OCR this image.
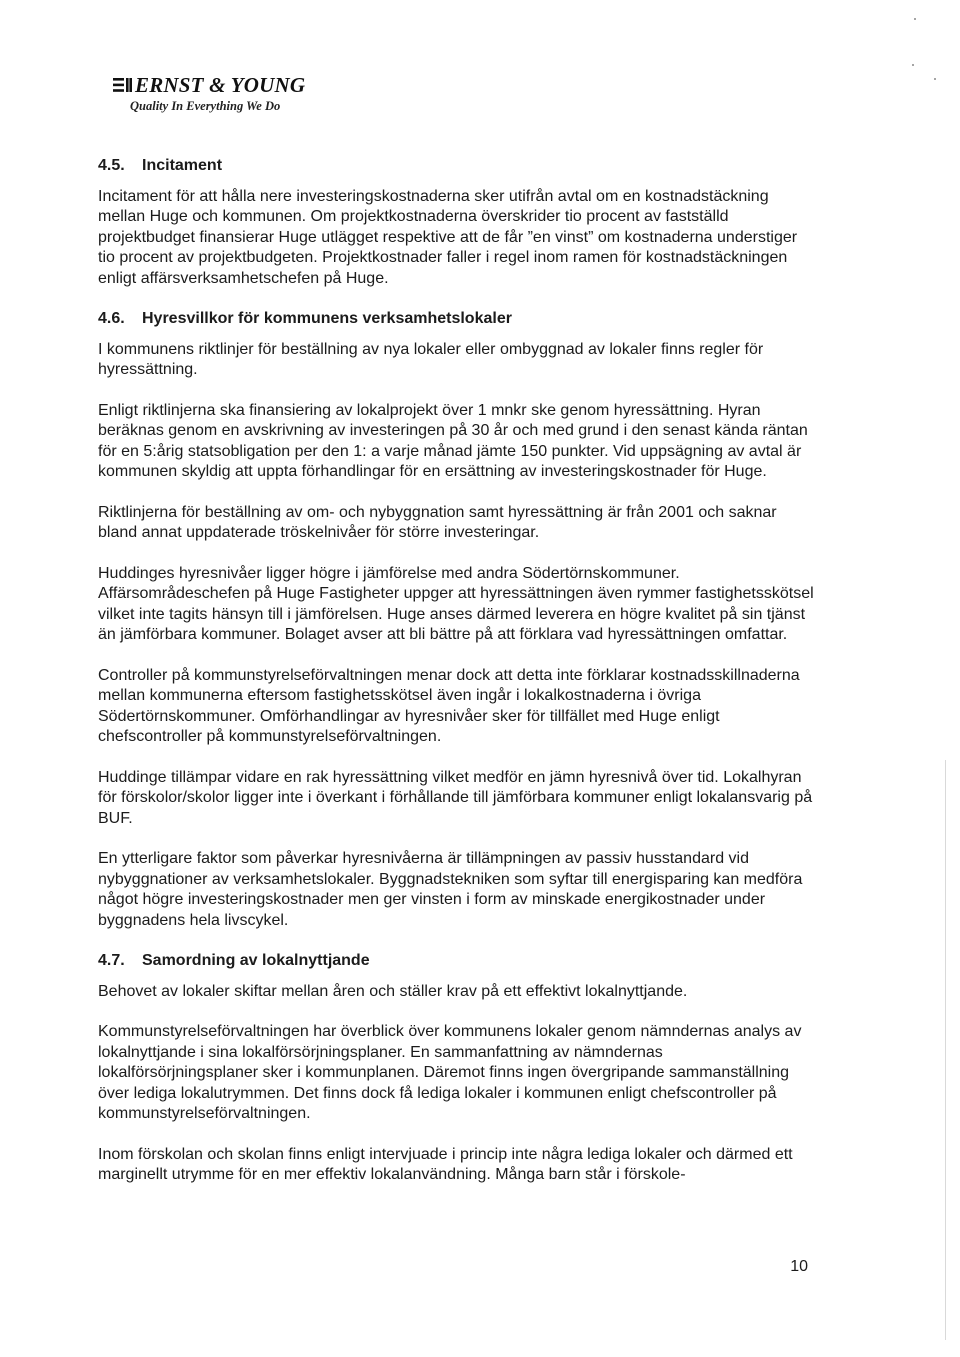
ERNST & YOUNG
Quality In Everything We Do
4.5.	Incitament

Incitament för att hålla nere investeringskostnaderna sker utifrån avtal om en kostnadstäckning mellan Huge och kommunen. Om projektkostnaderna överskrider tio procent av fastställd projektbudget finansierar Huge utlägget respektive att de får ”en vinst” om kostnaderna understiger tio procent av projektbudgeten. Projektkostnader faller i regel inom ramen för kostnadstäckningen enligt affärsverksamhetschefen på Huge.

4.6.	Hyresvillkor för kommunens verksamhetslokaler

I kommunens riktlinjer för beställning av nya lokaler eller ombyggnad av lokaler finns regler för hyressättning.

Enligt riktlinjerna ska finansiering av lokalprojekt över 1 mnkr ske genom hyressättning. Hyran beräknas genom en avskrivning av investeringen på 30 år och med grund i den senast kända räntan för en 5:årig statsobligation per den 1: a varje månad jämte 150 punkter. Vid uppsägning av avtal är kommunen skyldig att uppta förhandlingar för en ersättning av investeringskostnader för Huge.

Riktlinjerna för beställning av om- och nybyggnation samt hyressättning är från 2001 och saknar bland annat uppdaterade tröskelnivåer för större investeringar.

Huddinges hyresnivåer ligger högre i jämförelse med andra Södertörnskommuner. Affärsområdeschefen på Huge Fastigheter uppger att hyressättningen även rymmer fastighetsskötsel vilket inte tagits hänsyn till i jämförelsen. Huge anses därmed leverera en högre kvalitet på sin tjänst än jämförbara kommuner. Bolaget avser att bli bättre på att förklara vad hyressättningen omfattar.

Controller på kommunstyrelseförvaltningen menar dock att detta inte förklarar kostnadsskillnaderna mellan kommunerna eftersom fastighetsskötsel även ingår i lokalkostnaderna i övriga Södertörnskommuner. Omförhandlingar av hyresnivåer sker för tillfället med Huge enligt chefscontroller på kommunstyrelseförvaltningen.

Huddinge tillämpar vidare en rak hyressättning vilket medför en jämn hyresnivå över tid. Lokalhyran för förskolor/skolor ligger inte i överkant i förhållande till jämförbara kommuner enligt lokalansvarig på BUF.

En ytterligare faktor som påverkar hyresnivåerna är tillämpningen av passiv husstandard vid nybyggnationer av verksamhetslokaler. Byggnadstekniken som syftar till energisparing kan medföra något högre investeringskostnader men ger vinsten i form av minskade energikostnader under byggnadens hela livscykel.

4.7.	Samordning av lokalnyttjande

Behovet av lokaler skiftar mellan åren och ställer krav på ett effektivt lokalnyttjande.

Kommunstyrelseförvaltningen har överblick över kommunens lokaler genom nämndernas analys av lokalnyttjande i sina lokalförsörjningsplaner. En sammanfattning av nämndernas lokalförsörjningsplaner sker i kommunplanen. Däremot finns ingen övergripande sammanställning över lediga lokalutrymmen. Det finns dock få lediga lokaler i kommunen enligt chefscontroller på kommunstyrelseförvaltningen.

Inom förskolan och skolan finns enligt intervjuade i princip inte några lediga lokaler och därmed ett marginellt utrymme för en mer effektiv lokalanvändning. Många barn står i förskole-

10
